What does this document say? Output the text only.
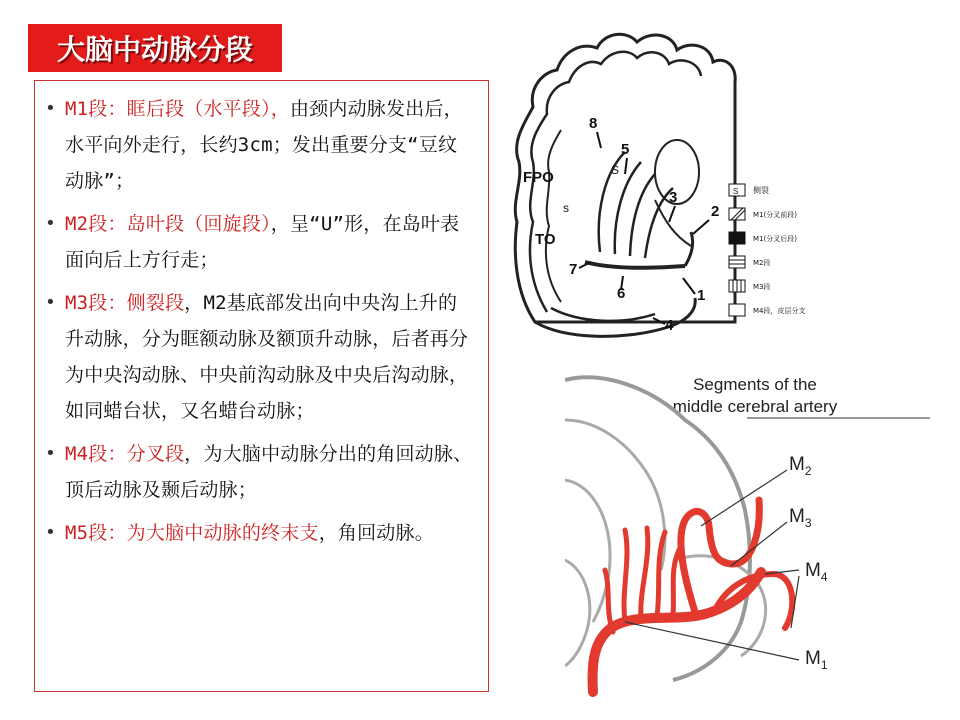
大脑中动脉分段
• M1段：眶后段（水平段），由颈内动脉发出后，水平向外走行，长约3cm；发出重要分支“豆纹动脉”；
• M2段：岛叶段（回旋段），呈“U”形，在岛叶表面向后上方行走；
• M3段：侧裂段，M2基底部发出向中央沟上升的升动脉，分为眶额动脉及额顶升动脉，后者再分为中央沟动脉、中央前沟动脉及中央后沟动脉，如同蜡台状，又名蜡台动脉；
• M4段：分叉段，为大脑中动脉分出的角回动脉、顶后动脉及颞后动脉；
• M5段：为大脑中动脉的终末支，角回动脉。
FPO
TO
S
s
8
5
3
2
1
4
7
6
S 侧裂
M1(分叉前段)
M1(分叉后段)
M2段
M3段
M4段，皮层分支
Segments of the
middle cerebral artery
$M_2$
$M_3$
$M_4$
$M_1$
